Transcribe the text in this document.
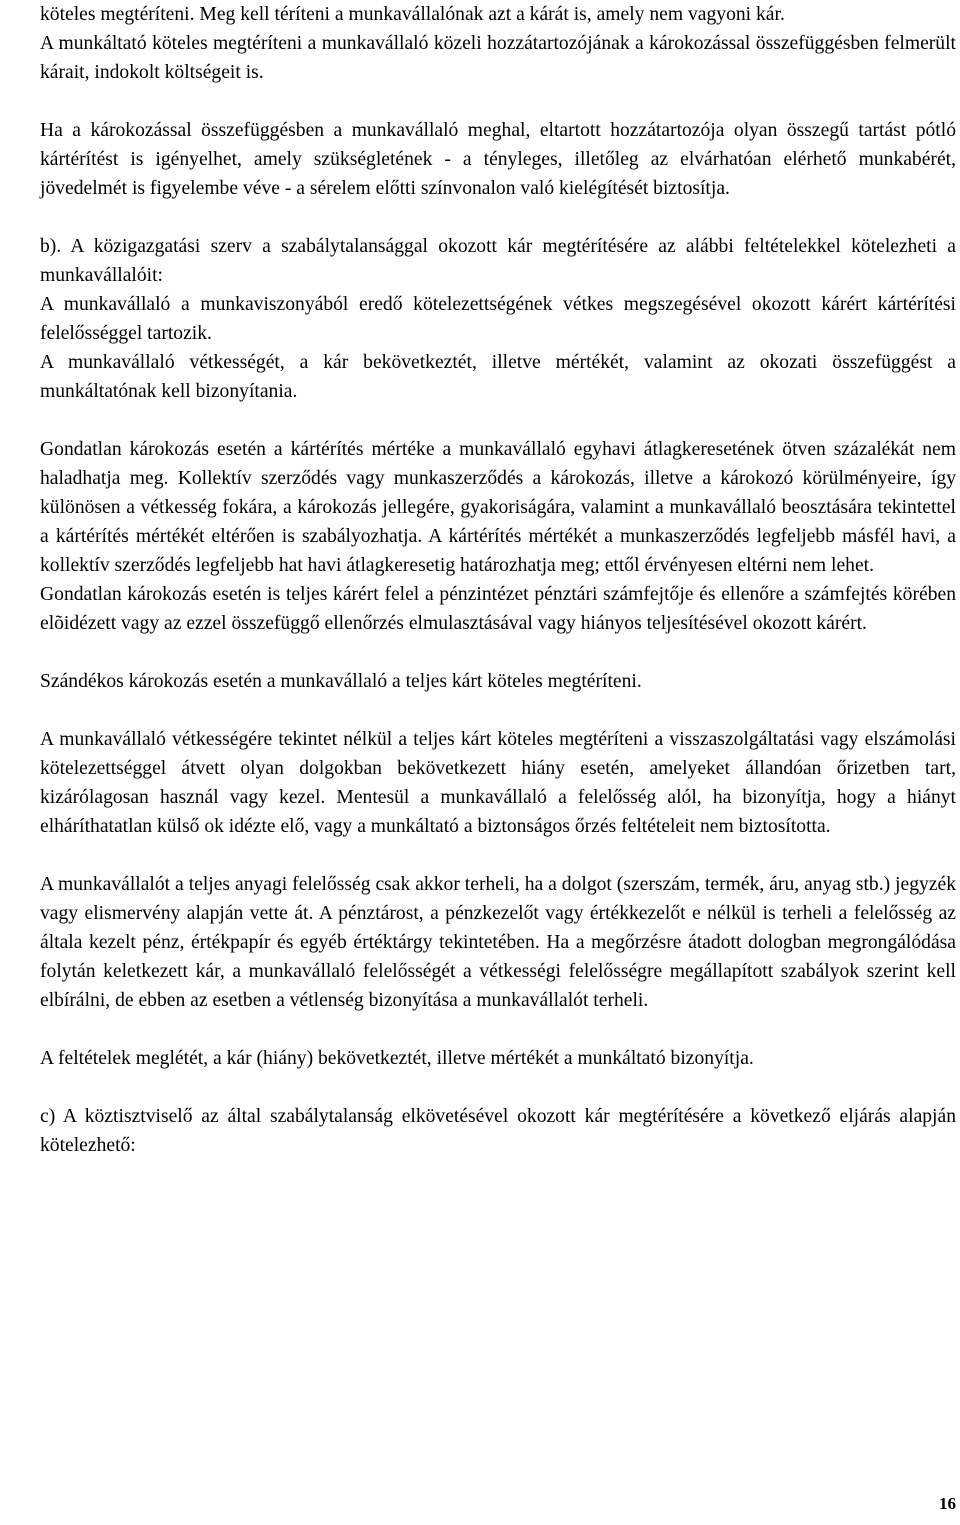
köteles megtéríteni. Meg kell téríteni a munkavállalónak azt a kárát is, amely nem vagyoni kár.

A munkáltató köteles megtéríteni a munkavállaló közeli hozzátartozójának a károkozással összefüggésben felmerült kárait, indokolt költségeit is.

Ha a károkozással összefüggésben a munkavállaló meghal, eltartott hozzátartozója olyan összegű tartást pótló kártérítést is igényelhet, amely szükségletének - a tényleges, illetőleg az elvárhatóan elérhető munkabérét, jövedelmét is figyelembe véve - a sérelem előtti színvonalon való kielégítését biztosítja.

b). A közigazgatási szerv a szabálytalansággal okozott kár megtérítésére az alábbi feltételekkel kötelezheti a munkavállalóit:

A munkavállaló a munkaviszonyából eredő kötelezettségének vétkes megszegésével okozott kárért kártérítési felelősséggel tartozik.

A munkavállaló vétkességét, a kár bekövetkeztét, illetve mértékét, valamint az okozati összefüggést a munkáltatónak kell bizonyítania.

Gondatlan károkozás esetén a kártérítés mértéke a munkavállaló egyhavi átlagkeresetének ötven százalékát nem haladhatja meg. Kollektív szerződés vagy munkaszerződés a károkozás, illetve a károkozó körülményeire, így különösen a vétkesség fokára, a károkozás jellegére, gyakoriságára, valamint a munkavállaló beosztására tekintettel a kártérítés mértékét eltérően is szabályozhatja. A kártérítés mértékét a munkaszerződés legfeljebb másfél havi, a kollektív szerződés legfeljebb hat havi átlagkeresetig határozhatja meg; ettől érvényesen eltérni nem lehet.

Gondatlan károkozás esetén is teljes kárért felel a pénzintézet pénztári számfejtője és ellenőre a számfejtés körében elõidézett vagy az ezzel összefüggő ellenőrzés elmulasztásával vagy hiányos teljesítésével okozott kárért.

Szándékos károkozás esetén a munkavállaló a teljes kárt köteles megtéríteni.

A munkavállaló vétkességére tekintet nélkül a teljes kárt köteles megtéríteni a visszaszolgáltatási vagy elszámolási kötelezettséggel átvett olyan dolgokban bekövetkezett hiány esetén, amelyeket állandóan őrizetben tart, kizárólagosan használ vagy kezel. Mentesül a munkavállaló a felelősség alól, ha bizonyítja, hogy a hiányt elháríthatatlan külső ok idézte elő, vagy a munkáltató a biztonságos őrzés feltételeit nem biztosította.

A munkavállalót a teljes anyagi felelősség csak akkor terheli, ha a dolgot (szerszám, termék, áru, anyag stb.) jegyzék vagy elismervény alapján vette át. A pénztárost, a pénzkezelőt vagy értékkezelőt e nélkül is terheli a felelősség az általa kezelt pénz, értékpapír és egyéb értéktárgy tekintetében. Ha a megőrzésre átadott dologban megrongálódása folytán keletkezett kár, a munkavállaló felelősségét a vétkességi felelősségre megállapított szabályok szerint kell elbírálni, de ebben az esetben a vétlenség bizonyítása a munkavállalót terheli.

A feltételek meglétét, a kár (hiány) bekövetkeztét, illetve mértékét a munkáltató bizonyítja.

c) A köztisztviselő az által szabálytalanság elkövetésével okozott kár megtérítésére a következő eljárás alapján kötelezhető:

16
